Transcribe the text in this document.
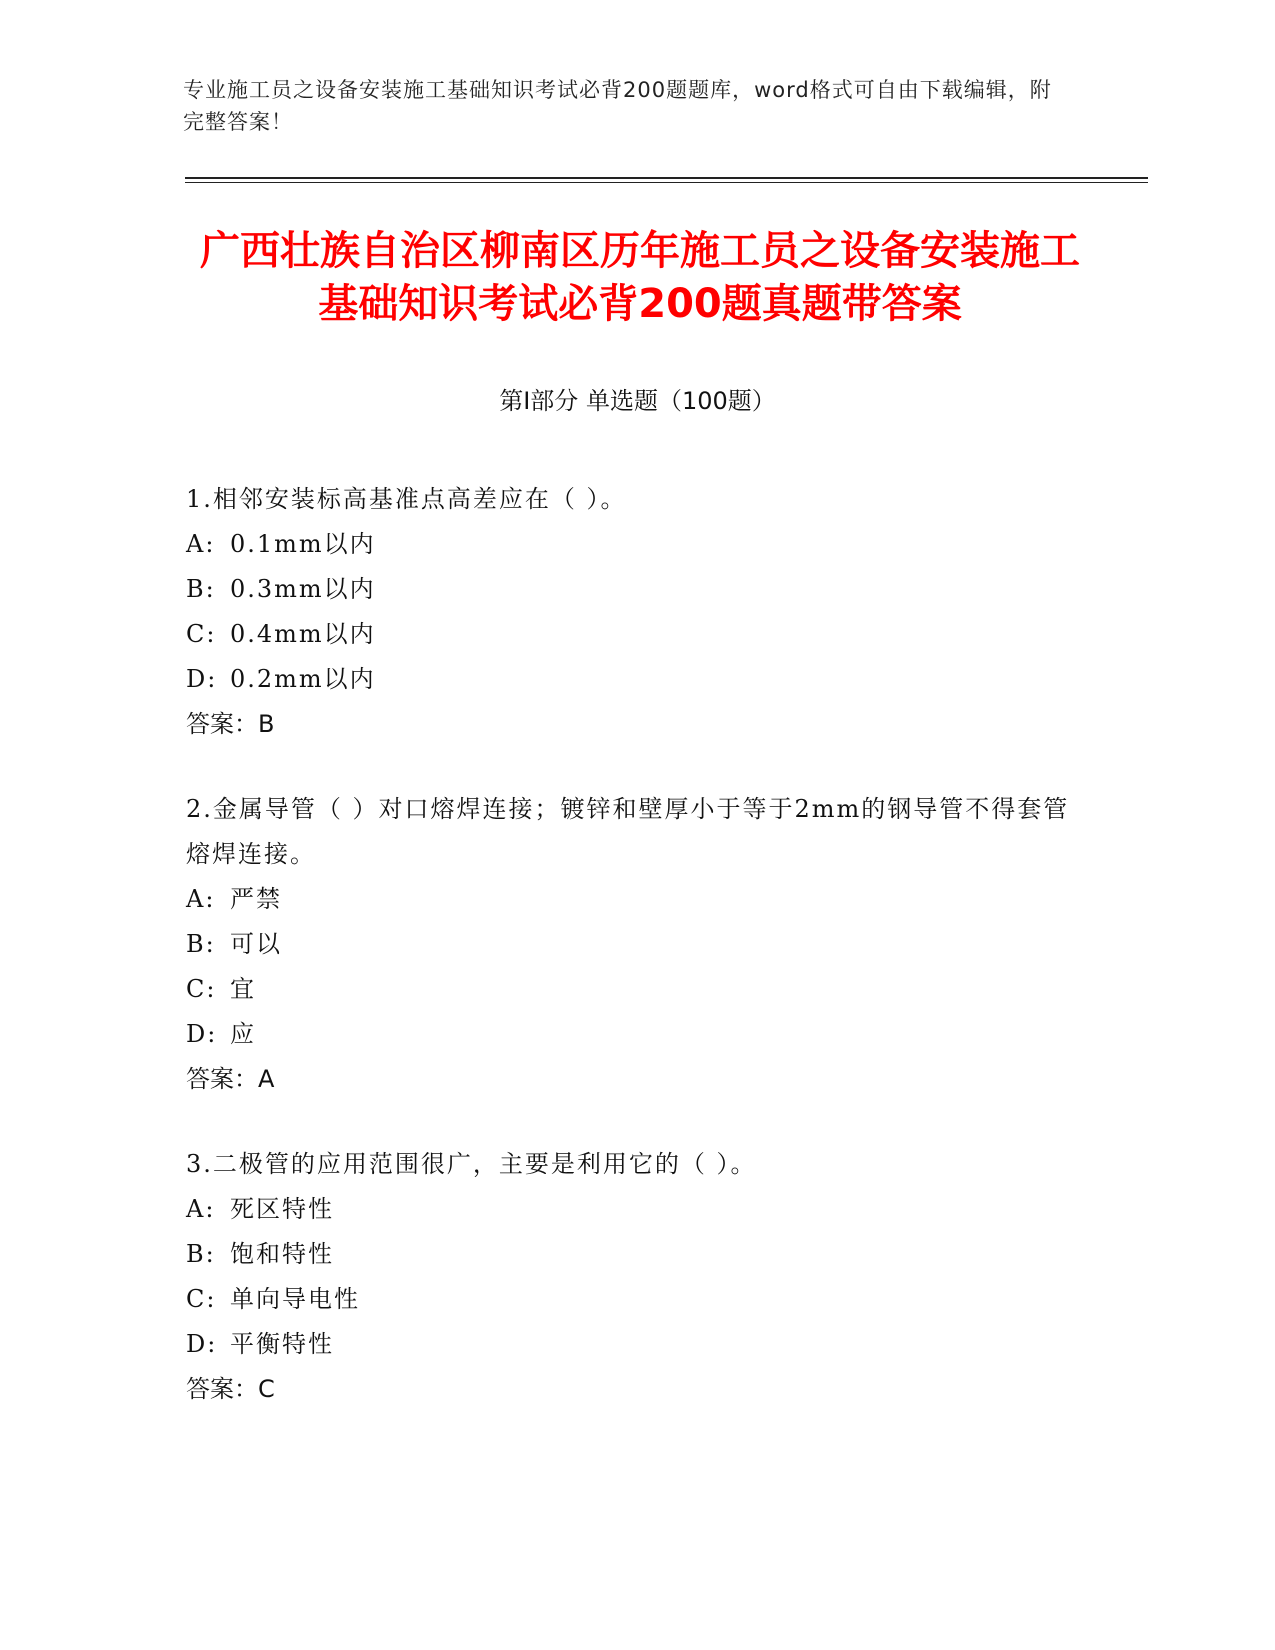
专业施工员之设备安装施工基础知识考试必背200题题库，word格式可自由下载编辑，附完整答案！
广西壮族自治区柳南区历年施工员之设备安装施工基础知识考试必背200题真题带答案
第Ⅰ部分 单选题（100题）
1.相邻安装标高基准点高差应在（ ）。
A: 0.1mm以内
B: 0.3mm以内
C: 0.4mm以内
D: 0.2mm以内
答案：B
2.金属导管（ ）对口熔焊连接；镀锌和壁厚小于等于2mm的钢导管不得套管熔焊连接。
A: 严禁
B: 可以
C: 宜
D: 应
答案：A
3.二极管的应用范围很广，主要是利用它的（ ）。
A: 死区特性
B: 饱和特性
C: 单向导电性
D: 平衡特性
答案：C
